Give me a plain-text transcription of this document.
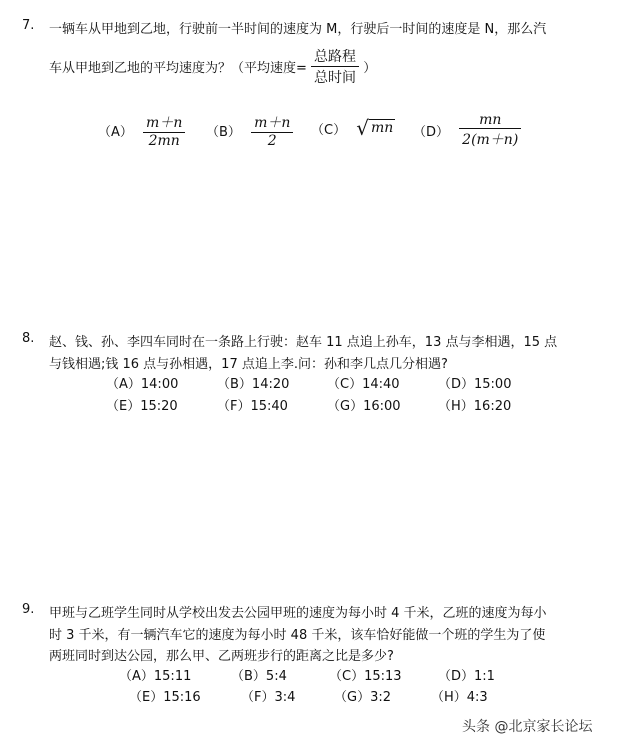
7. 一辆车从甲地到乙地，行驶前一半时间的速度为 M，行驶后一时间的速度是 N，那么汽
车从甲地到乙地的平均速度为？（平均速度= $\frac{\text{总路程}}{\text{总时间}}$ ）
$(A) \frac{m+n}{2mn} (B) \frac{m+n}{2} (C)$ √ mn $(D) \frac{mn}{2(m+n)}$
8. 赵、钱、孙、李四车同时在一条路上行驶：赵车 11 点追上孙车，13 点与李相遇，15 点
与钱相遇;钱 16 点与孙相遇，17 点追上李.问：孙和李几点几分相遇?
（A）14:00	（B）14:20	（C）14:40	（D）15:00
（E）15:20	（F）15:40	（G）16:00	（H）16:20
9. 甲班与乙班学生同时从学校出发去公园甲班的速度为每小时 4 千米，乙班的速度为每小
时 3 千米，有一辆汽车它的速度为每小时 48 千米，该车恰好能做一个班的学生为了使
两班同时到达公园，那么甲、乙两班步行的距离之比是多少?
（A）15:11	（B）5:4	（C）15:13	（D）1:1
（E）15:16	（F）3:4	（G）3:2	（H）4:3
头条 @北京家长论坛
